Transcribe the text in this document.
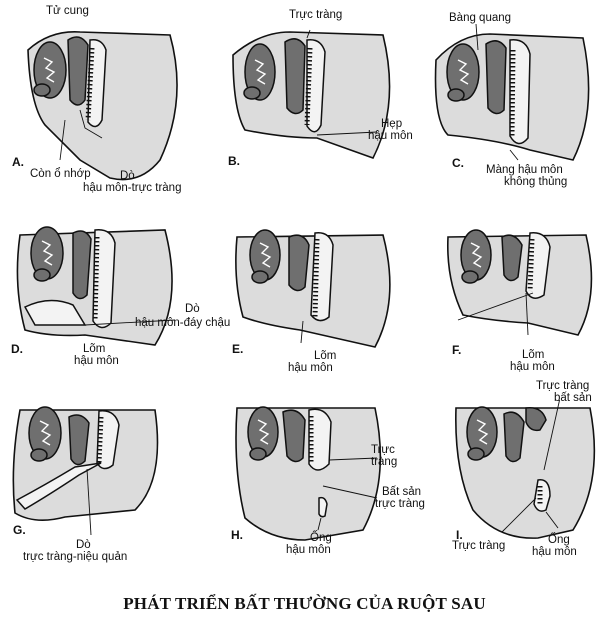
A.
Tử cung
Còn ổ nhớp	Dò
hậu môn-trực tràng
B.
Trực tràng
Hẹp
hậu môn
C.
Bàng quang
Màng hậu môn
không thủng
D.	Lõm
hậu môn
Dò
hậu môn-đáy chậu
E.	Lõm
hậu môn
F.	Lõm
hậu môn
G.
Dò
trực tràng-niệu quản
H.
Trực
tràng
Bất sản
trực tràng
Ống
hậu môn
I.
Trực tràng
bất sản
Trực tràng	Ống
hậu môn
PHÁT TRIỂN BẤT THƯỜNG CỦA RUỘT SAU
